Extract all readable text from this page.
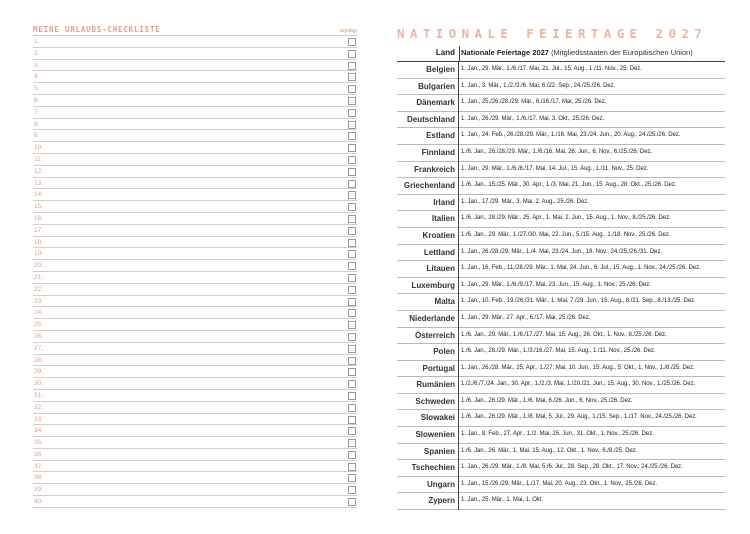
MEINE URLAUBS-CHECKLISTE	Erledigt
1.
2.
3.
4.
5.
6.
7.
8.
9.
10.
11.
12.
13.
14.
15.
16.
17.
18.
19.
20.
21.
22.
23.
24.
25.
26.
27.
28.
29.
30.
31.
32.
33.
34.
35.
36.
37.
38.
39.
40.
NATIONALE FEIERTAGE 2027
Land Nationale Feiertage 2027 (Mitgliedsstaaten der Europäischen Union)
Belgien	1. Jan., 29. Mär., 1./6./17. Mai, 21. Jul., 15. Aug., 1./11. Nov., 25. Dez.
Bulgarien	1. Jan., 3. Mär., 1./2./3./6. Mai, 6./22. Sep., 24./25./26. Dez.
Dänemark	1. Jan., 25./26./28./29. Mär., 6./16./17. Mai, 25./26. Dez.
Deutschland	1. Jan., 26./29. Mär., 1./6./17. Mai, 3. Okt., 25./26. Dez.
Estland	1. Jan., 24. Feb., 26./28./29. Mär., 1./16. Mai, 23./24. Jun., 20. Aug., 24./25./26. Dez.
Finnland	1./6. Jan., 26./28./29. Mär., 1./6./16. Mai, 26. Jun., 6. Nov., 6./25./26. Dez.
Frankreich	1. Jan., 29. Mär., 1./6./8./17. Mai, 14. Jul., 15. Aug., 1./11. Nov., 25. Dez.
Griechenland	1./6. Jan., 15./25. Mär., 30. Apr., 1./3. Mai, 21. Jun., 15. Aug., 28. Okt., 25./26. Dez.
Irland	1. Jan., 17./29. Mär., 3. Mai, 2. Aug., 25./26. Dez.
Italien	1./6. Jan., 28./29. Mär., 25. Apr., 1. Mai, 2. Jun., 15. Aug., 1. Nov., 8./25./26. Dez.
Kroatien	1./6. Jan., 29. Mär., 1./27./30. Mai, 22. Jun., 5./15. Aug., 1./18. Nov., 25./26. Dez.
Lettland	1. Jan., 26./28./29. Mär., 1./4. Mai, 23./24. Jun., 18. Nov., 24./25./26./31. Dez.
Litauen	1. Jan., 16. Feb., 11./28./29. Mär., 1. Mai, 24. Jun., 6. Jul., 15. Aug., 1. Nov., 24./25./26. Dez.
Luxemburg	1. Jan., 29. Mär., 1./6./9./17. Mai, 23. Jun., 15. Aug., 1. Nov., 25./26. Dez.
Malta	1. Jan., 10. Feb., 19./26./31. Mär., 1. Mai, 7./29. Jun., 15. Aug., 8./21. Sep., 8./13./25. Dez.
Niederlande	1. Jan., 29. Mär., 27. Apr., 6./17. Mai, 25./26. Dez.
Österreich	1./6. Jan., 29. Mär., 1./6./17./27. Mai, 15. Aug., 26. Okt., 1. Nov., 8./25./26. Dez.
Polen	1./6. Jan., 28./29. Mär., 1./3./16./27. Mai, 15. Aug., 1./11. Nov., 25./26. Dez.
Portugal	1. Jan., 26./28. Mär., 25. Apr., 1./27. Mai, 10. Jun., 15. Aug., 5. Okt., 1. Nov., 1./8./25. Dez.
Rumänien	1./2./6./7./24. Jan., 30. Apr., 1./2./3. Mai, 1./20./21. Jun., 15. Aug., 30. Nov., 1./25./26. Dez.
Schweden	1./6. Jan., 26./29. Mär., 1./6. Mai, 6./26. Jun., 6. Nov., 25./26. Dez.
Slowakei	1./6. Jan., 26./29. Mär., 1./8. Mai, 5. Jul., 29. Aug., 1./15. Sep., 1./17. Nov., 24./25./26. Dez.
Slowenien	1. Jan., 8. Feb., 27. Apr., 1./2. Mai, 25. Jun., 31. Okt., 1. Nov., 25./26. Dez.
Spanien	1./6. Jan., 26. Mär., 1. Mai, 15. Aug., 12. Okt., 1. Nov., 6./8./25. Dez.
Tschechien	1. Jan., 26./29. Mär., 1./8. Mai, 5./6. Jul., 28. Sep., 28. Okt., 17. Nov., 24./25./26. Dez.
Ungarn	1. Jan., 15./26./29. Mär., 1./17. Mai, 20. Aug., 23. Okt., 1. Nov., 25./26. Dez.
Zypern	1. Jan., 25. Mär., 1. Mai, 1. Okt.
